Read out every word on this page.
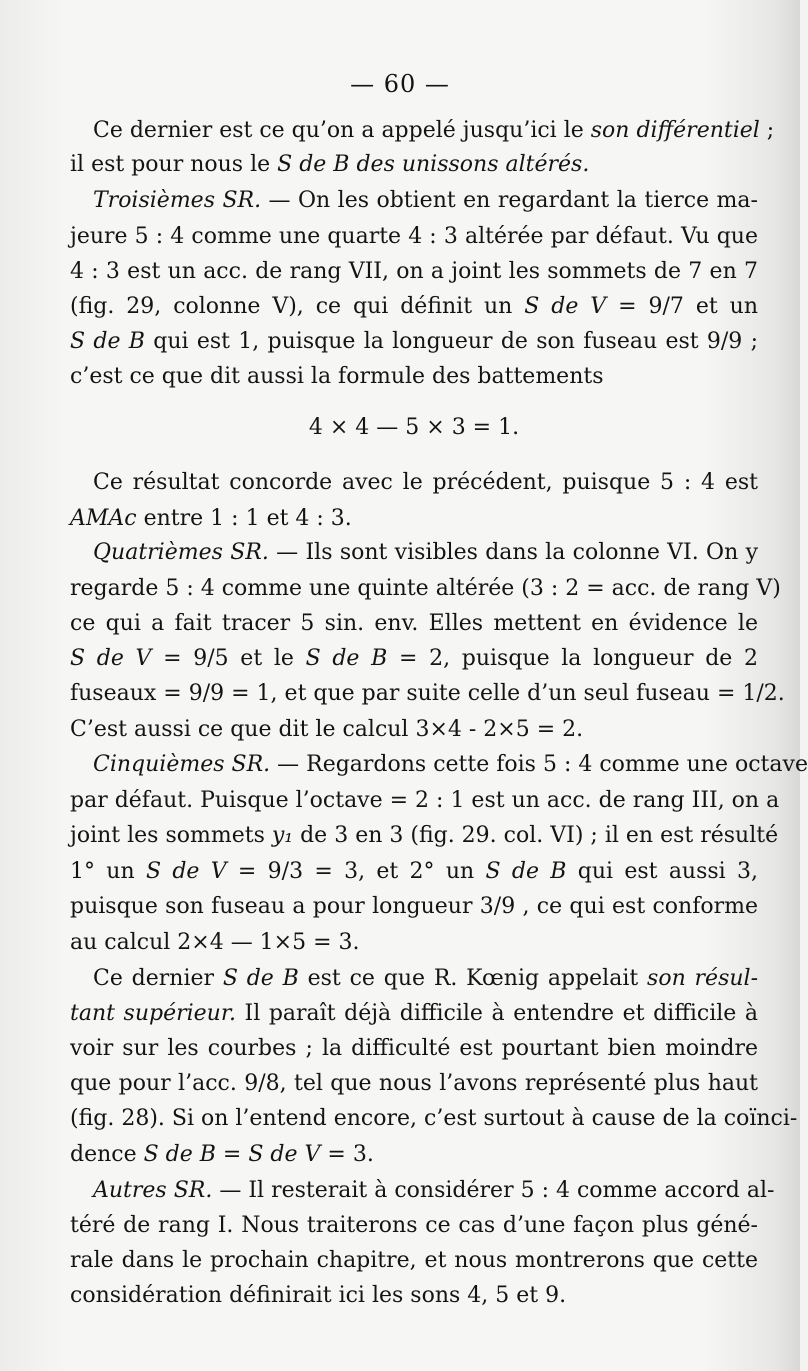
— 60 —
Ce dernier est ce qu’on a appelé jusqu’ici le son différentiel ;
il est pour nous le S de B des unissons altérés.
Troisièmes SR. — On les obtient en regardant la tierce ma-
jeure 5 : 4 comme une quarte 4 : 3 altérée par défaut. Vu que
4 : 3 est un acc. de rang VII, on a joint les sommets de 7 en 7
(fig. 29, colonne V), ce qui définit un S de V = 9/7 et un
S de B qui est 1, puisque la longueur de son fuseau est 9/9 ;
c’est ce que dit aussi la formule des battements
4 × 4 — 5 × 3 = 1.
Ce résultat concorde avec le précédent, puisque 5 : 4 est
AMAc entre 1 : 1 et 4 : 3.
Quatrièmes SR. — Ils sont visibles dans la colonne VI. On y
regarde 5 : 4 comme une quinte altérée (3 : 2 = acc. de rang V)
ce qui a fait tracer 5 sin. env. Elles mettent en évidence le
S de V = 9/5 et le S de B = 2, puisque la longueur de 2
fuseaux = 9/9 = 1, et que par suite celle d’un seul fuseau = 1/2.
C’est aussi ce que dit le calcul 3×4 - 2×5 = 2.
Cinquièmes SR. — Regardons cette fois 5 : 4 comme une octave
par défaut. Puisque l’octave = 2 : 1 est un acc. de rang III, on a
joint les sommets y₁ de 3 en 3 (fig. 29. col. VI) ; il en est résulté
1° un S de V = 9/3 = 3, et 2° un S de B qui est aussi 3,
puisque son fuseau a pour longueur 3/9 , ce qui est conforme
au calcul 2×4 — 1×5 = 3.
Ce dernier S de B est ce que R. Kœnig appelait son résul-
tant supérieur. Il paraît déjà difficile à entendre et difficile à
voir sur les courbes ; la difficulté est pourtant bien moindre
que pour l’acc. 9/8, tel que nous l’avons représenté plus haut
(fig. 28). Si on l’entend encore, c’est surtout à cause de la coïnci-
dence S de B = S de V = 3.
Autres SR. — Il resterait à considérer 5 : 4 comme accord al-
téré de rang I. Nous traiterons ce cas d’une façon plus géné-
rale dans le prochain chapitre, et nous montrerons que cette
considération définirait ici les sons 4, 5 et 9.
